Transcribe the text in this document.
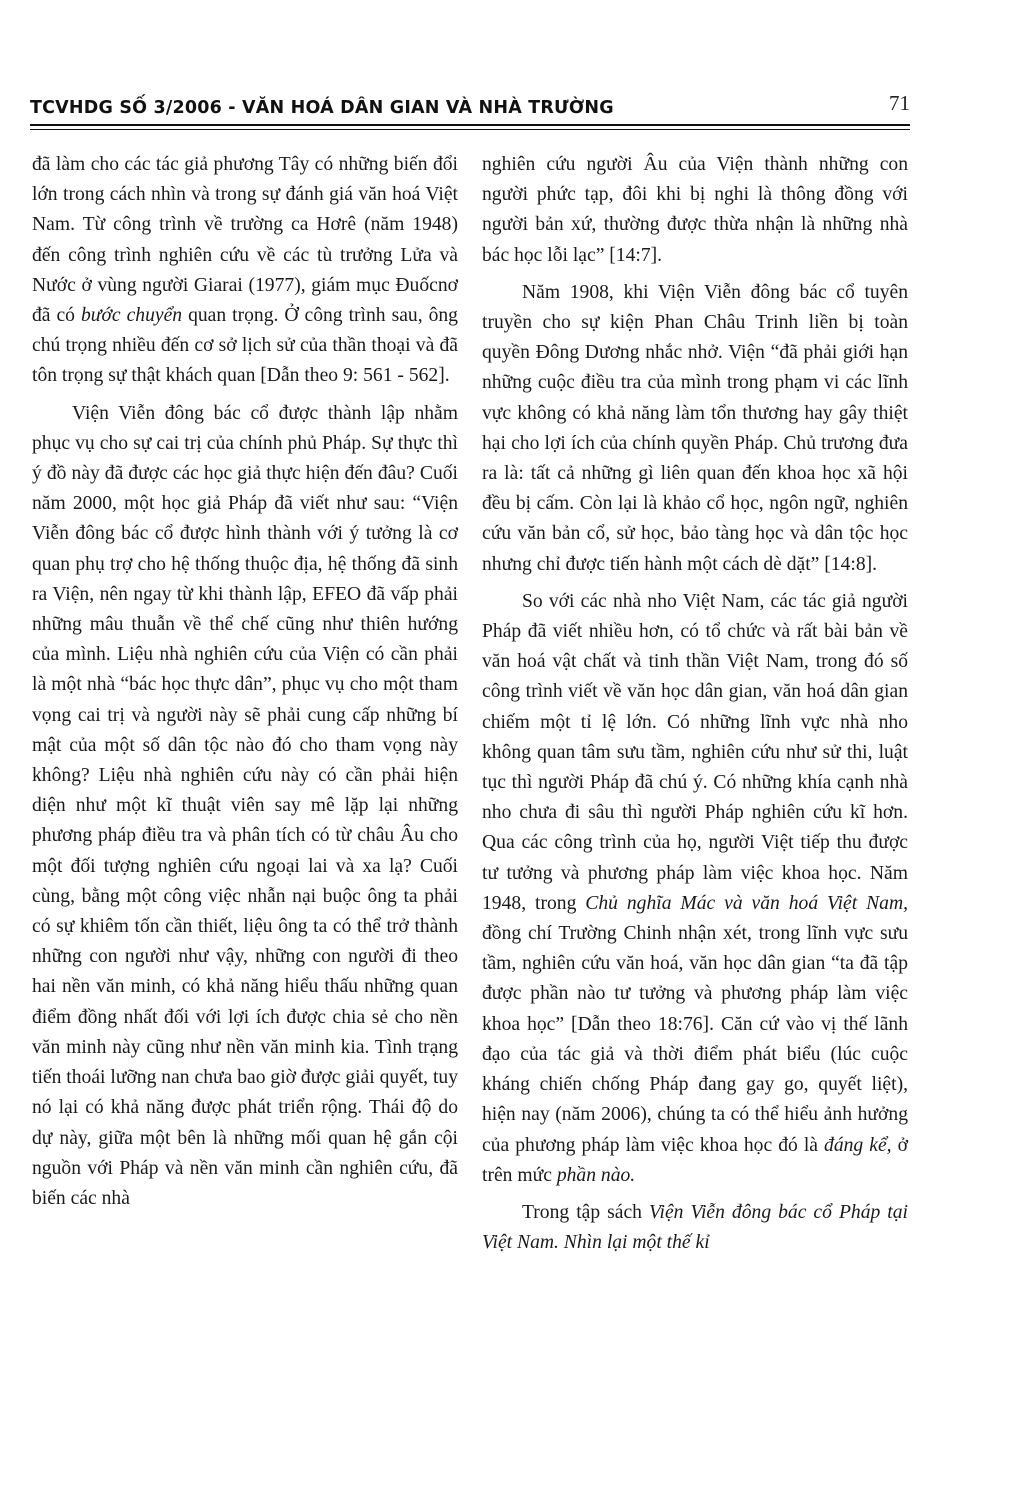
TCVHDG SỐ 3/2006 - VĂN HOÁ DÂN GIAN VÀ NHÀ TRƯỜNG	71

đã làm cho các tác giả phương Tây có những biến đổi lớn trong cách nhìn và trong sự đánh giá văn hoá Việt Nam. Từ công trình về trường ca Hơrê (năm 1948) đến công trình nghiên cứu về các tù trưởng Lửa và Nước ở vùng người Giarai (1977), giám mục Đuốcnơ đã có bước chuyển quan trọng. Ở công trình sau, ông chú trọng nhiều đến cơ sở lịch sử của thần thoại và đã tôn trọng sự thật khách quan [Dẫn theo 9: 561 - 562].

Viện Viễn đông bác cổ được thành lập nhằm phục vụ cho sự cai trị của chính phủ Pháp. Sự thực thì ý đồ này đã được các học giả thực hiện đến đâu? Cuối năm 2000, một học giả Pháp đã viết như sau: “Viện Viễn đông bác cổ được hình thành với ý tưởng là cơ quan phụ trợ cho hệ thống thuộc địa, hệ thống đã sinh ra Viện, nên ngay từ khi thành lập, EFEO đã vấp phải những mâu thuẫn về thể chế cũng như thiên hướng của mình. Liệu nhà nghiên cứu của Viện có cần phải là một nhà “bác học thực dân”, phục vụ cho một tham vọng cai trị và người này sẽ phải cung cấp những bí mật của một số dân tộc nào đó cho tham vọng này không? Liệu nhà nghiên cứu này có cần phải hiện diện như một kĩ thuật viên say mê lặp lại những phương pháp điều tra và phân tích có từ châu Âu cho một đối tượng nghiên cứu ngoại lai và xa lạ? Cuối cùng, bằng một công việc nhẫn nại buộc ông ta phải có sự khiêm tốn cần thiết, liệu ông ta có thể trở thành những con người như vậy, những con người đi theo hai nền văn minh, có khả năng hiểu thấu những quan điểm đồng nhất đối với lợi ích được chia sẻ cho nền văn minh này cũng như nền văn minh kia. Tình trạng tiến thoái lưỡng nan chưa bao giờ được giải quyết, tuy nó lại có khả năng được phát triển rộng. Thái độ do dự này, giữa một bên là những mối quan hệ gắn cội nguồn với Pháp và nền văn minh cần nghiên cứu, đã biến các nhà

nghiên cứu người Âu của Viện thành những con người phức tạp, đôi khi bị nghi là thông đồng với người bản xứ, thường được thừa nhận là những nhà bác học lỗi lạc” [14:7].

Năm 1908, khi Viện Viễn đông bác cổ tuyên truyền cho sự kiện Phan Châu Trinh liền bị toàn quyền Đông Dương nhắc nhở. Viện “đã phải giới hạn những cuộc điều tra của mình trong phạm vi các lĩnh vực không có khả năng làm tổn thương hay gây thiệt hại cho lợi ích của chính quyền Pháp. Chủ trương đưa ra là: tất cả những gì liên quan đến khoa học xã hội đều bị cấm. Còn lại là khảo cổ học, ngôn ngữ, nghiên cứu văn bản cổ, sử học, bảo tàng học và dân tộc học nhưng chỉ được tiến hành một cách dè dặt” [14:8].

So với các nhà nho Việt Nam, các tác giả người Pháp đã viết nhiều hơn, có tổ chức và rất bài bản về văn hoá vật chất và tinh thần Việt Nam, trong đó số công trình viết về văn học dân gian, văn hoá dân gian chiếm một tỉ lệ lớn. Có những lĩnh vực nhà nho không quan tâm sưu tầm, nghiên cứu như sử thi, luật tục thì người Pháp đã chú ý. Có những khía cạnh nhà nho chưa đi sâu thì người Pháp nghiên cứu kĩ hơn. Qua các công trình của họ, người Việt tiếp thu được tư tưởng và phương pháp làm việc khoa học. Năm 1948, trong Chủ nghĩa Mác và văn hoá Việt Nam, đồng chí Trường Chinh nhận xét, trong lĩnh vực sưu tầm, nghiên cứu văn hoá, văn học dân gian “ta đã tập được phần nào tư tưởng và phương pháp làm việc khoa học” [Dẫn theo 18:76]. Căn cứ vào vị thế lãnh đạo của tác giả và thời điểm phát biểu (lúc cuộc kháng chiến chống Pháp đang gay go, quyết liệt), hiện nay (năm 2006), chúng ta có thể hiểu ảnh hưởng của phương pháp làm việc khoa học đó là đáng kể, ở trên mức phần nào.

Trong tập sách Viện Viễn đông bác cổ Pháp tại Việt Nam. Nhìn lại một thế kỉ
